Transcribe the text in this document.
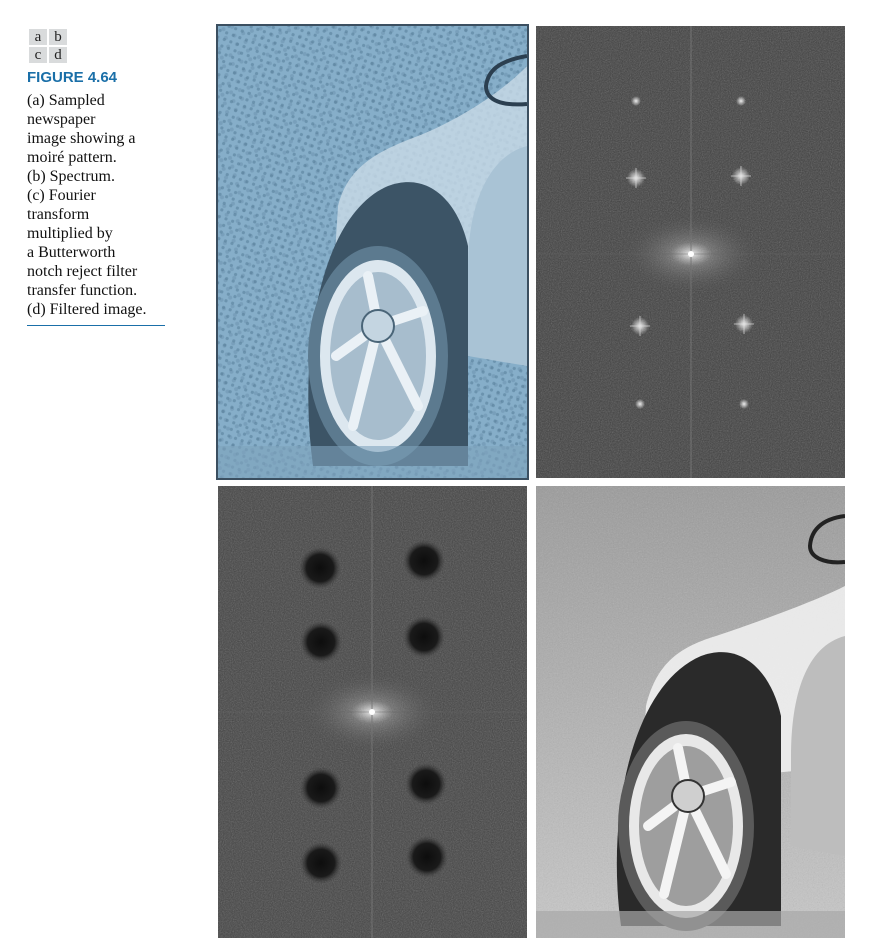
a b
c d
FIGURE 4.64
(a) Sampled
newspaper
image showing a
moiré pattern.
(b) Spectrum.
(c) Fourier
transform
multiplied by
a Butterworth
notch reject filter
transfer function.
(d) Filtered image.
